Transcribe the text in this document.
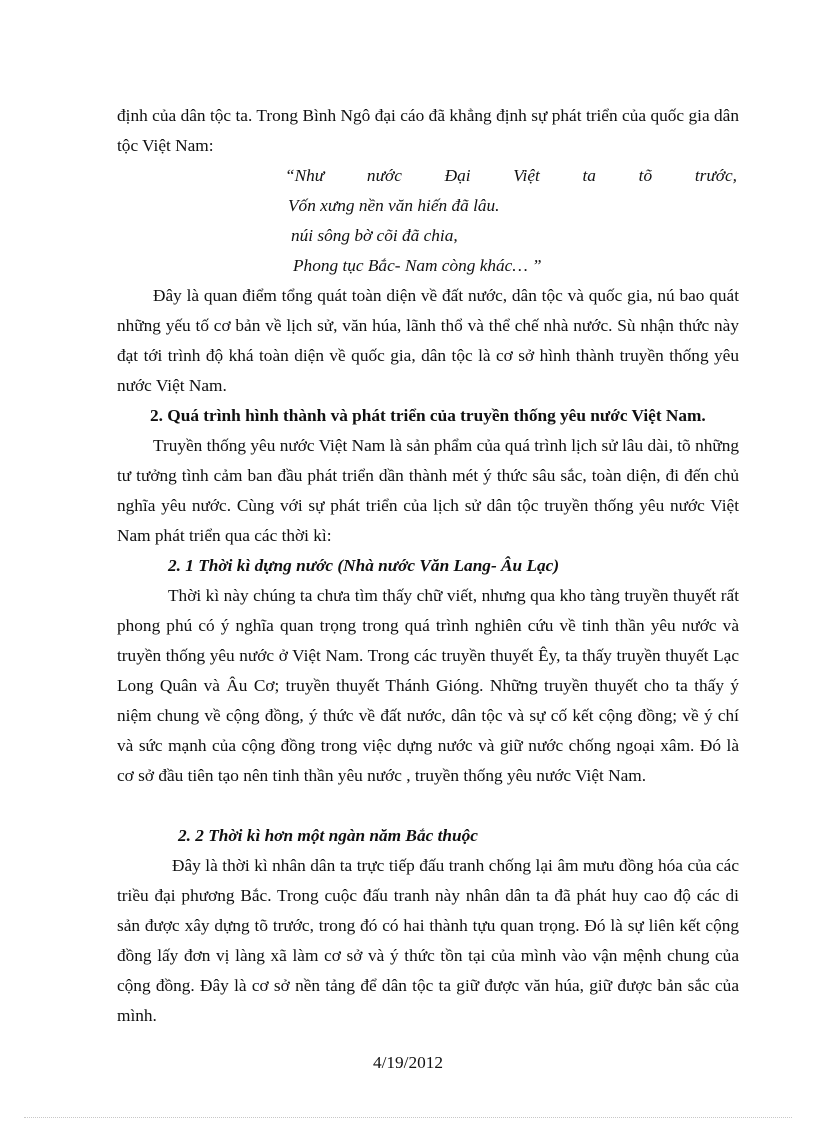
định của dân tộc ta. Trong Bình Ngô đại cáo đã khẳng định sự phát triển của quốc gia dân tộc Việt Nam:

“Như nước Đại Việt ta tõ trước,
Vốn xưng nền văn hiến đã lâu.
núi sông bờ cõi đã chia,
Phong tục Bắc- Nam còng khác… ”

Đây là quan điểm tổng quát toàn diện về đất nước, dân tộc và quốc gia, nú bao quát những yếu tố cơ bản về lịch sử, văn húa, lãnh thổ và thể chế nhà nước. Sù nhận thức này đạt tới trình độ khá toàn diện về quốc gia, dân tộc là cơ sở hình thành truyền thống yêu nước Việt Nam.

2. Quá trình hình thành và phát triển của truyền thống yêu nước Việt Nam.

Truyền thống yêu nước Việt Nam là sản phẩm của quá trình lịch sử lâu dài, tõ những tư tưởng tình cảm ban đầu phát triển dần thành mét ý thức sâu sắc, toàn diện, đi đến chủ nghĩa yêu nước. Cùng với sự phát triển của lịch sử dân tộc truyền thống yêu nước Việt Nam phát triển qua các thời kì:

2. 1 Thời kì dựng nước (Nhà nước Văn Lang- Âu Lạc)

Thời kì này chúng ta chưa tìm thấy chữ viết, nhưng qua kho tàng truyền thuyết rất phong phú có ý nghĩa quan trọng trong quá trình nghiên cứu về tinh thần yêu nước và truyền thống yêu nước ở Việt Nam. Trong các truyền thuyết Êy, ta thấy truyền thuyết Lạc Long Quân và Âu Cơ; truyền thuyết Thánh Gióng. Những truyền thuyết cho ta thấy ý niệm chung về cộng đồng, ý thức về đất nước, dân tộc và sự cố kết cộng đồng; về ý chí và sức mạnh của cộng đồng trong việc dựng nước và giữ nước chống ngoại xâm. Đó là cơ sở đầu tiên tạo nên tinh thần yêu nước , truyền thống yêu nước Việt Nam.

2. 2 Thời kì hơn một ngàn năm Bắc thuộc

Đây là thời kì nhân dân ta trực tiếp đấu tranh chống lại âm mưu đồng hóa của các triều đại phương Bắc. Trong cuộc đấu tranh này nhân dân ta đã phát huy cao độ các di sản được xây dựng tõ trước, trong đó có hai thành tựu quan trọng. Đó là sự liên kết cộng đồng lấy đơn vị làng xã làm cơ sở và ý thức tồn tại của mình vào vận mệnh chung của cộng đồng. Đây là cơ sở nền tảng để dân tộc ta giữ được văn húa, giữ được bản sắc của mình.

4/19/2012
